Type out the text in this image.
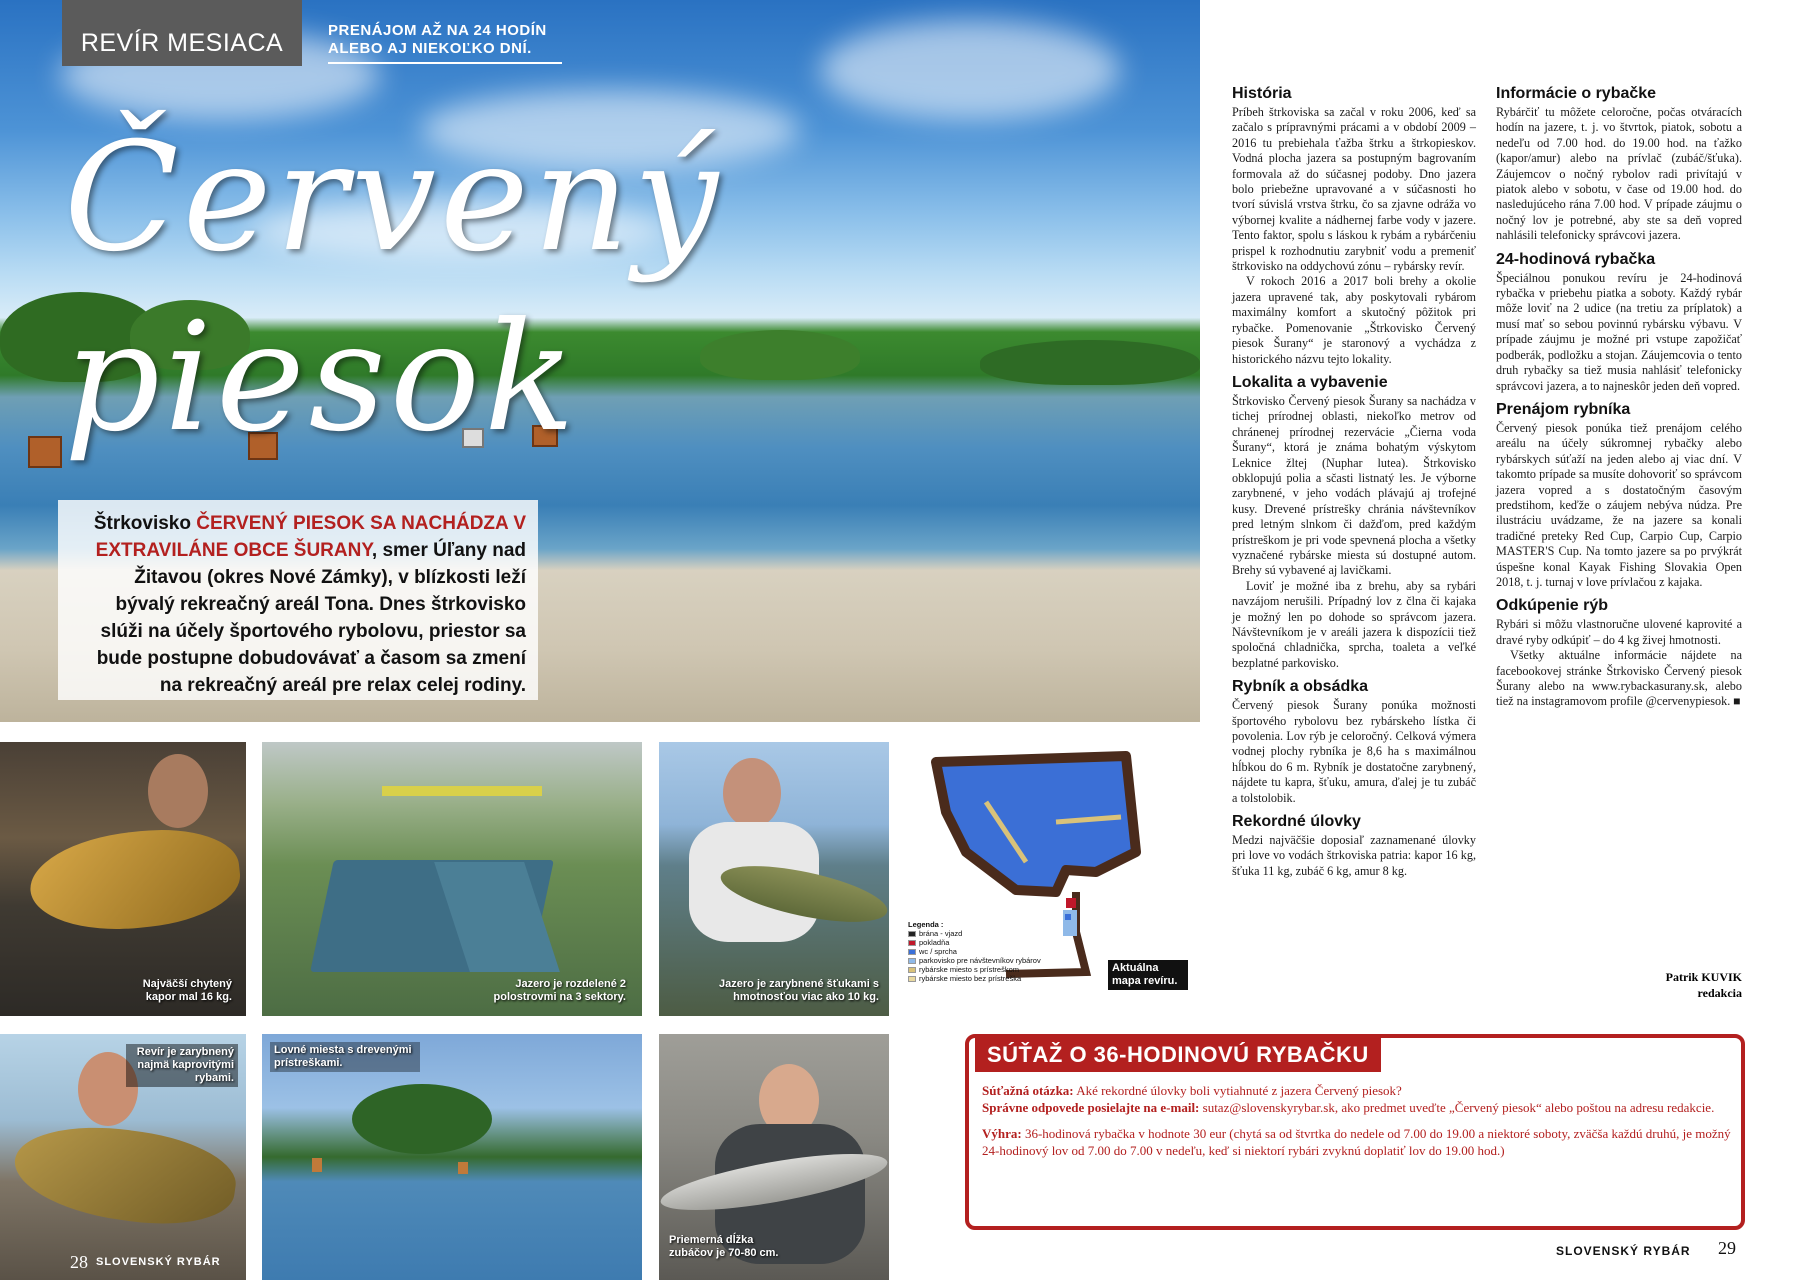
REVÍR MESIACA	PRENÁJOM AŽ NA 24 HODÍN ALEBO AJ NIEKOĽKO DNÍ.
Červený piesok
Štrkovisko ČERVENÝ PIESOK SA NACHÁDZA V EXTRAVILÁNE OBCE ŠURANY, smer Úľany nad Žitavou (okres Nové Zámky), v blízkosti leží bývalý rekreačný areál Tona. Dnes štrkovisko slúži na účely športového rybolovu, priestor sa bude postupne dobudovávať a časom sa zmení na rekreačný areál pre relax celej rodiny.
Najväčší chytený kapor mal 16 kg.
Jazero je rozdelené 2 polostrovmi na 3 sektory.
Jazero je zarybnené šťukami s hmotnosťou viac ako 10 kg.
Legenda :
brána - vjazd
pokladňa
wc / sprcha
parkovisko pre návštevníkov rybárov
rybárske miesto s prístreškom
rybárske miesto bez prístreška
Aktuálna mapa revíru.
Revír je zarybnený najmä kaprovitými rybami.
28 SLOVENSKÝ RYBÁR
Lovné miesta s drevenými prístreškami.
Priemerná dĺžka zubáčov je 70-80 cm.
História

Príbeh štrkoviska sa začal v roku 2006, keď sa začalo s prípravnými prácami a v období 2009 – 2016 tu prebiehala ťažba štrku a štrkopieskov. Vodná plocha jazera sa postupným bagrovaním formovala až do súčasnej podoby. Dno jazera bolo priebežne upravované a v súčasnosti ho tvorí súvislá vrstva štrku, čo sa zjavne odráža vo výbornej kvalite a nádhernej farbe vody v jazere. Tento faktor, spolu s láskou k rybám a rybárčeniu prispel k rozhodnutiu zarybniť vodu a premeniť štrkovisko na oddychovú zónu – rybársky revír.

V rokoch 2016 a 2017 boli brehy a okolie jazera upravené tak, aby poskytovali rybárom maximálny komfort a skutočný pôžitok pri rybačke. Pomenovanie „Štrkovisko Červený piesok Šurany“ je staronový a vychádza z historického názvu tejto lokality.

Lokalita a vybavenie

Štrkovisko Červený piesok Šurany sa nachádza v tichej prírodnej oblasti, niekoľko metrov od chránenej prírodnej rezervácie „Čierna voda Šurany“, ktorá je známa bohatým výskytom Leknice žltej (Nuphar lutea). Štrkovisko obklopujú polia a sčasti listnatý les. Je výborne zarybnené, v jeho vodách plávajú aj trofejné kusy. Drevené prístrešky chránia návštevníkov pred letným slnkom či dažďom, pred každým prístreškom je pri vode spevnená plocha a všetky vyznačené rybárske miesta sú dostupné autom. Brehy sú vybavené aj lavičkami.

Loviť je možné iba z brehu, aby sa rybári navzájom nerušili. Prípadný lov z člna či kajaka je možný len po dohode so správcom jazera. Návštevníkom je v areáli jazera k dispozícii tiež spoločná chladnička, sprcha, toaleta a veľké bezplatné parkovisko.

Rybník a obsádka

Červený piesok Šurany ponúka možnosti športového rybolovu bez rybárskeho lístka či povolenia. Lov rýb je celoročný. Celková výmera vodnej plochy rybníka je 8,6 ha s maximálnou hĺbkou do 6 m. Rybník je dostatočne zarybnený, nájdete tu kapra, šťuku, amura, ďalej je tu zubáč a tolstolobik.

Rekordné úlovky

Medzi najväčšie doposiaľ zaznamenané úlovky pri love vo vodách štrkoviska patria: kapor 16 kg, šťuka 11 kg, zubáč 6 kg, amur 8 kg.

Informácie o rybačke

Rybárčiť tu môžete celoročne, počas otváracích hodín na jazere, t. j. vo štvrtok, piatok, sobotu a nedeľu od 7.00 hod. do 19.00 hod. na ťažko (kapor/amur) alebo na prívlač (zubáč/šťuka). Záujemcov o nočný rybolov radi privítajú v piatok alebo v sobotu, v čase od 19.00 hod. do nasledujúceho rána 7.00 hod. V prípade záujmu o nočný lov je potrebné, aby ste sa deň vopred nahlásili telefonicky správcovi jazera.

24-hodinová rybačka

Špeciálnou ponukou revíru je 24-hodinová rybačka v priebehu piatka a soboty. Každý rybár môže loviť na 2 udice (na tretiu za príplatok) a musí mať so sebou povinnú rybársku výbavu. V prípade záujmu je možné pri vstupe zapožičať podberák, podložku a stojan. Záujemcovia o tento druh rybačky sa tiež musia nahlásiť telefonicky správcovi jazera, a to najneskôr jeden deň vopred.

Prenájom rybníka

Červený piesok ponúka tiež prenájom celého areálu na účely súkromnej rybačky alebo rybárskych súťaží na jeden alebo aj viac dní. V takomto prípade sa musíte dohovoriť so správcom jazera vopred a s dostatočným časovým predstihom, keďže o záujem nebýva núdza. Pre ilustráciu uvádzame, že na jazere sa konali tradičné preteky Red Cup, Carpio Cup, Carpio MASTER'S Cup. Na tomto jazere sa po prvýkrát úspešne konal Kayak Fishing Slovakia Open 2018, t. j. turnaj v love prívlačou z kajaka.

Odkúpenie rýb

Rybári si môžu vlastnoručne ulovené kaprovité a dravé ryby odkúpiť – do 4 kg živej hmotnosti.

Všetky aktuálne informácie nájdete na facebookovej stránke Štrkovisko Červený piesok Šurany alebo na www.rybackasurany.sk, alebo tiež na instagramovom profile @cervenypiesok. ■

Patrik KUVIK
redakcia
SÚŤAŽ O 36-HODINOVÚ RYBAČKU
Súťažná otázka: Aké rekordné úlovky boli vytiahnuté z jazera Červený piesok?
Správne odpovede posielajte na e-mail: sutaz@slovenskyrybar.sk, ako predmet uveďte „Červený piesok“ alebo poštou na adresu redakcie.
Výhra: 36-hodinová rybačka v hodnote 30 eur (chytá sa od štvrtka do nedele od 7.00 do 19.00 a niektoré soboty, zväčša každú druhú, je možný 24-hodinový lov od 7.00 do 7.00 v nedeľu, keď si niektorí rybári zvyknú doplatiť lov do 19.00 hod.)
SLOVENSKÝ RYBÁR 29
